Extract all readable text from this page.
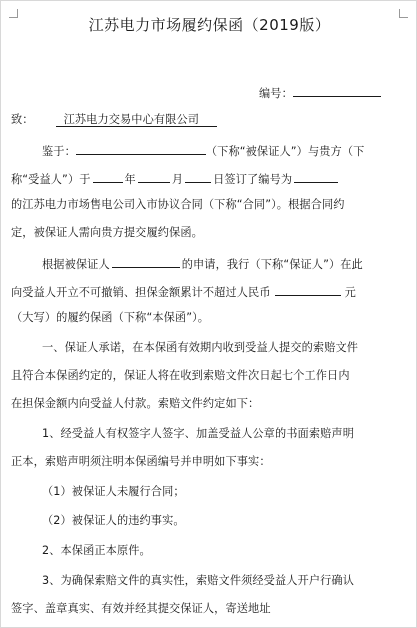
江苏电力市场履约保函（2019版）
编号：
致：	江苏电力交易中心有限公司
鉴于：	（下称“被保证人”）与贵方（下
称“受益人”）于	年	月	日签订了编号为
的江苏电力市场售电公司入市协议合同（下称“合同”）。根据合同约
定，被保证人需向贵方提交履约保函。
根据被保证人	的申请，我行（下称“保证人”）在此
向受益人开立不可撤销、担保金额累计不超过人民币	元
（大写）的履约保函（下称“本保函”）。
一、保证人承诺，在本保函有效期内收到受益人提交的索赔文件
且符合本保函约定的，保证人将在收到索赔文件次日起七个工作日内
在担保金额内向受益人付款。索赔文件约定如下：
1、经受益人有权签字人签字、加盖受益人公章的书面索赔声明
正本，索赔声明须注明本保函编号并申明如下事实：
（1）被保证人未履行合同；
（2）被保证人的违约事实。
2、本保函正本原件。
3、为确保索赔文件的真实性，索赔文件须经受益人开户行确认
签字、盖章真实、有效并经其提交保证人，寄送地址
